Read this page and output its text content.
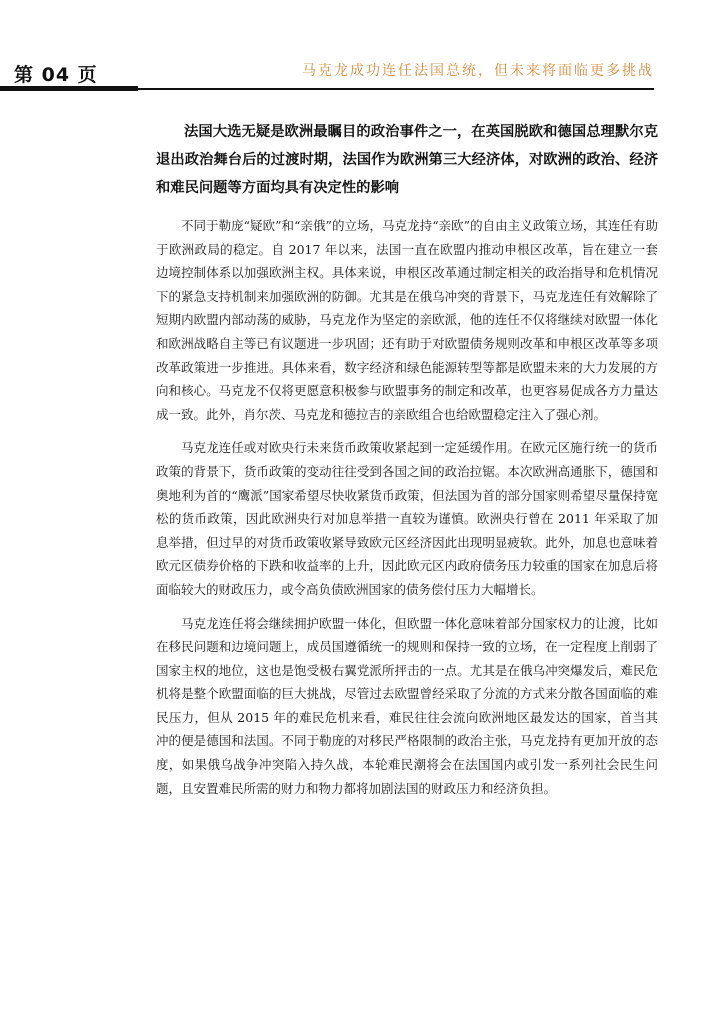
第 04 页	马克龙成功连任法国总统，但未来将面临更多挑战

法国大选无疑是欧洲最瞩目的政治事件之一，在英国脱欧和德国总理默尔克退出政治舞台后的过渡时期，法国作为欧洲第三大经济体，对欧洲的政治、经济和难民问题等方面均具有决定性的影响

不同于勒庞“疑欧”和“亲俄”的立场，马克龙持“亲欧”的自由主义政策立场，其连任有助于欧洲政局的稳定。自 2017 年以来，法国一直在欧盟内推动申根区改革，旨在建立一套边境控制体系以加强欧洲主权。具体来说，申根区改革通过制定相关的政治指导和危机情况下的紧急支持机制来加强欧洲的防御。尤其是在俄乌冲突的背景下，马克龙连任有效解除了短期内欧盟内部动荡的威胁，马克龙作为坚定的亲欧派，他的连任不仅将继续对欧盟一体化和欧洲战略自主等已有议题进一步巩固；还有助于对欧盟债务规则改革和申根区改革等多项改革政策进一步推进。具体来看，数字经济和绿色能源转型等都是欧盟未来的大力发展的方向和核心。马克龙不仅将更愿意积极参与欧盟事务的制定和改革，也更容易促成各方力量达成一致。此外，肖尔茨、马克龙和德拉吉的亲欧组合也给欧盟稳定注入了强心剂。

马克龙连任或对欧央行未来货币政策收紧起到一定延缓作用。在欧元区施行统一的货币政策的背景下，货币政策的变动往往受到各国之间的政治拉锯。本次欧洲高通胀下，德国和奥地利为首的“鹰派”国家希望尽快收紧货币政策，但法国为首的部分国家则希望尽量保持宽松的货币政策，因此欧洲央行对加息举措一直较为谨慎。欧洲央行曾在 2011 年采取了加息举措，但过早的对货币政策收紧导致欧元区经济因此出现明显疲软。此外，加息也意味着欧元区债券价格的下跌和收益率的上升，因此欧元区内政府债务压力较重的国家在加息后将面临较大的财政压力，或令高负债欧洲国家的债务偿付压力大幅增长。

马克龙连任将会继续拥护欧盟一体化，但欧盟一体化意味着部分国家权力的让渡，比如在移民问题和边境问题上，成员国遵循统一的规则和保持一致的立场，在一定程度上削弱了国家主权的地位，这也是饱受极右翼党派所抨击的一点。尤其是在俄乌冲突爆发后，难民危机将是整个欧盟面临的巨大挑战，尽管过去欧盟曾经采取了分流的方式来分散各国面临的难民压力，但从 2015 年的难民危机来看，难民往往会流向欧洲地区最发达的国家，首当其冲的便是德国和法国。不同于勒庞的对移民严格限制的政治主张，马克龙持有更加开放的态度，如果俄乌战争冲突陷入持久战，本轮难民潮将会在法国国内或引发一系列社会民生问题，且安置难民所需的财力和物力都将加剧法国的财政压力和经济负担。
